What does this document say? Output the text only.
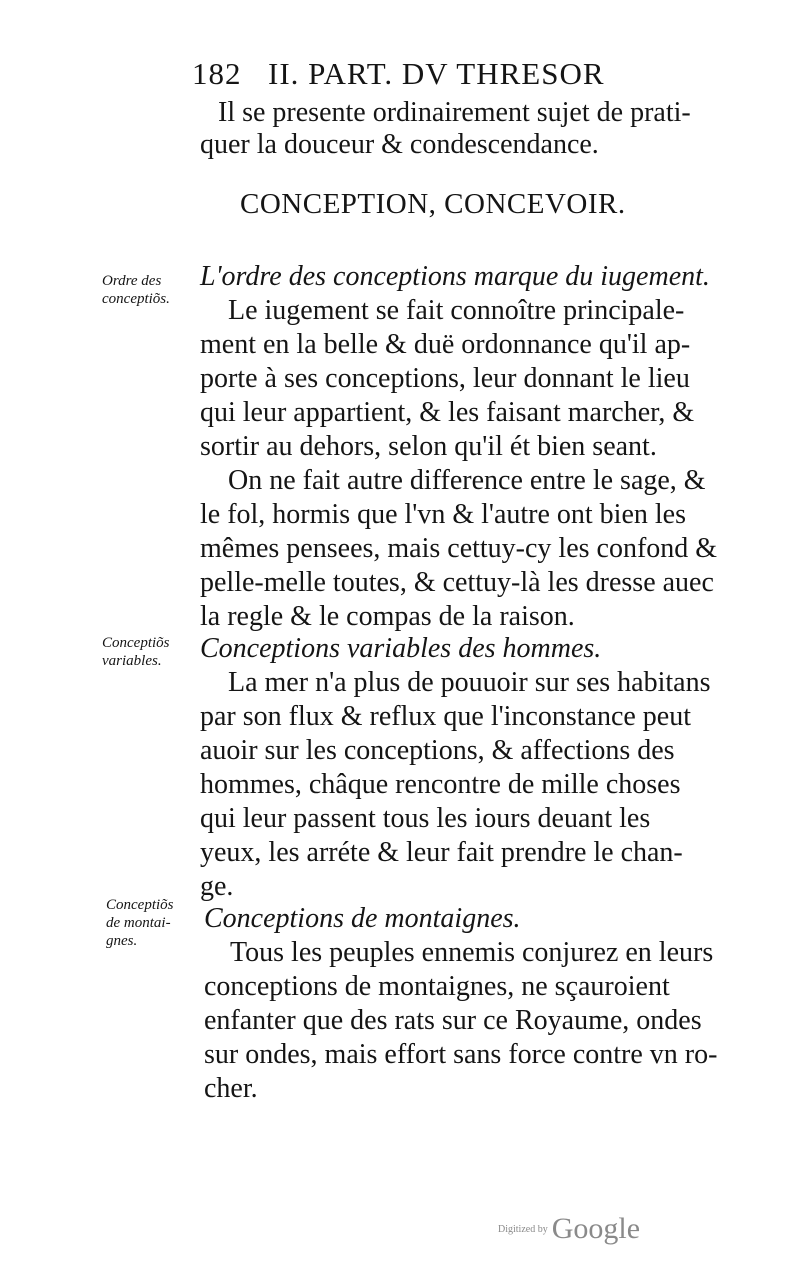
182 II. PART. DV THRESOR
Il se presente ordinairement sujet de prati-
quer la douceur & condescendance.
CONCEPTION, CONCEVOIR.
L'ordre des conceptions marque du iugement.
Le iugement se fait connoître principale-
ment en la belle & duë ordonnance qu'il ap-
porte à ses conceptions, leur donnant le lieu
qui leur appartient, & les faisant marcher, &
sortir au dehors, selon qu'il ét bien seant.
On ne fait autre difference entre le sage, &
le fol, hormis que l'vn & l'autre ont bien les
mêmes pensees, mais cettuy-cy les confond &
pelle-melle toutes, & cettuy-là les dresse auec
la regle & le compas de la raison.
Conceptions variables des hommes.
La mer n'a plus de pouuoir sur ses habitans
par son flux & reflux que l'inconstance peut
auoir sur les conceptions, & affections des
hommes, châque rencontre de mille choses
qui leur passent tous les iours deuant les
yeux, les arréte & leur fait prendre le chan-
ge.
Conceptions de montaignes.
Tous les peuples ennemis conjurez en leurs
conceptions de montaignes, ne sçauroient
enfanter que des rats sur ce Royaume, ondes
sur ondes, mais effort sans force contre vn ro-
cher.
Ordre des
conceptiõs.
Conceptiõs
variables.
Conceptiõs
de montai-
gnes.
Digitized by Google
